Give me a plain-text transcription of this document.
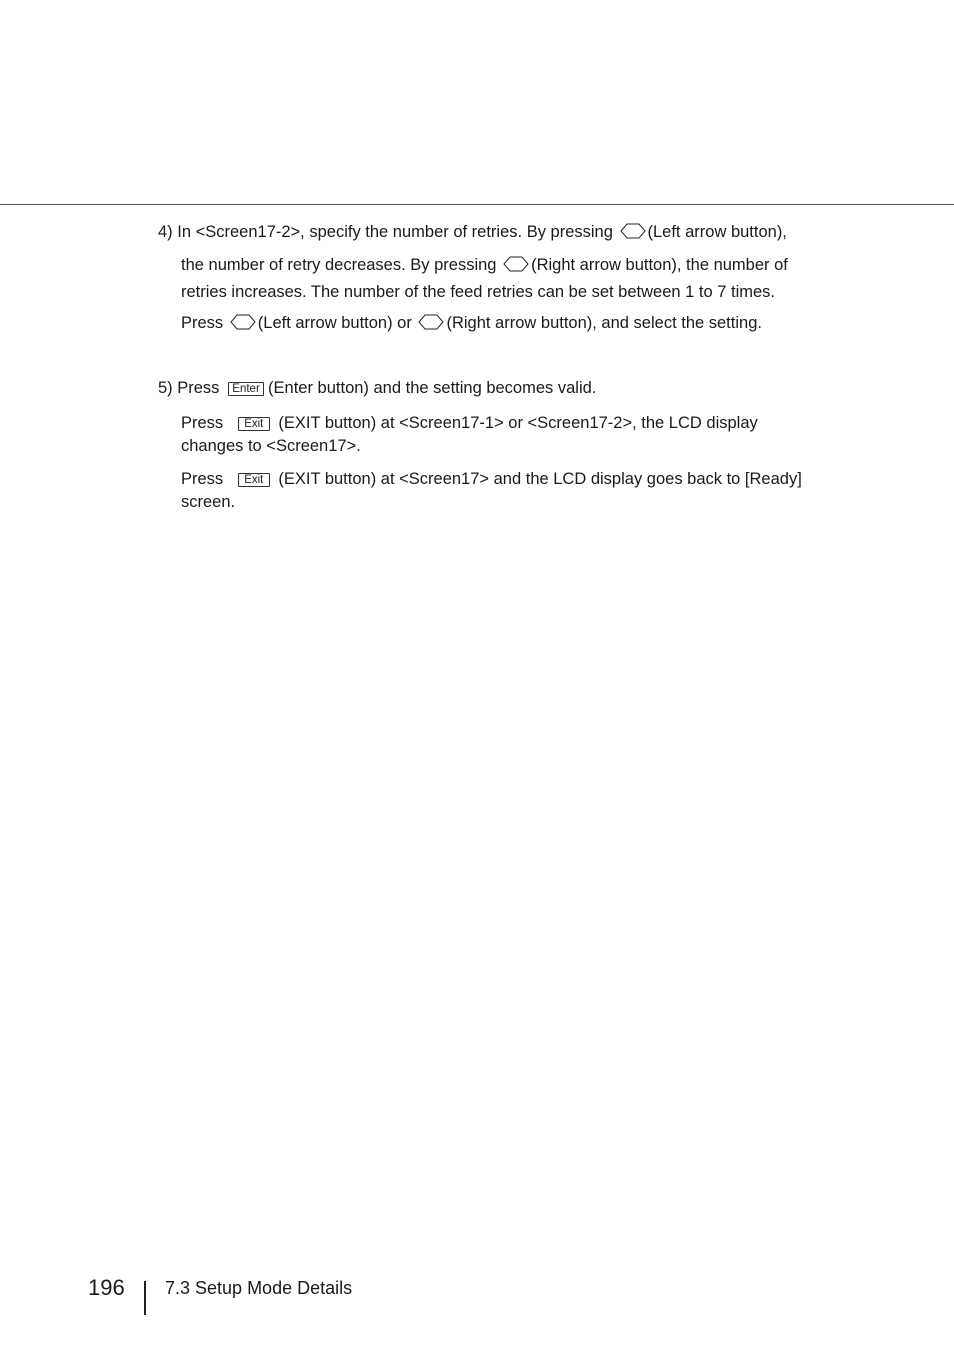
4) In <Screen17-2>, specify the number of retries. By pressing (Left arrow button),
the number of retry decreases. By pressing (Right arrow button), the number of
retries increases. The number of the feed retries can be set between 1 to 7 times.
Press (Left arrow button) or (Right arrow button), and select the setting.
5) Press Enter (Enter button) and the setting becomes valid.
Press Exit (EXIT button) at <Screen17-1> or <Screen17-2>, the LCD display
changes to <Screen17>.
Press Exit (EXIT button) at <Screen17> and the LCD display goes back to [Ready]
screen.
196 7.3 Setup Mode Details
